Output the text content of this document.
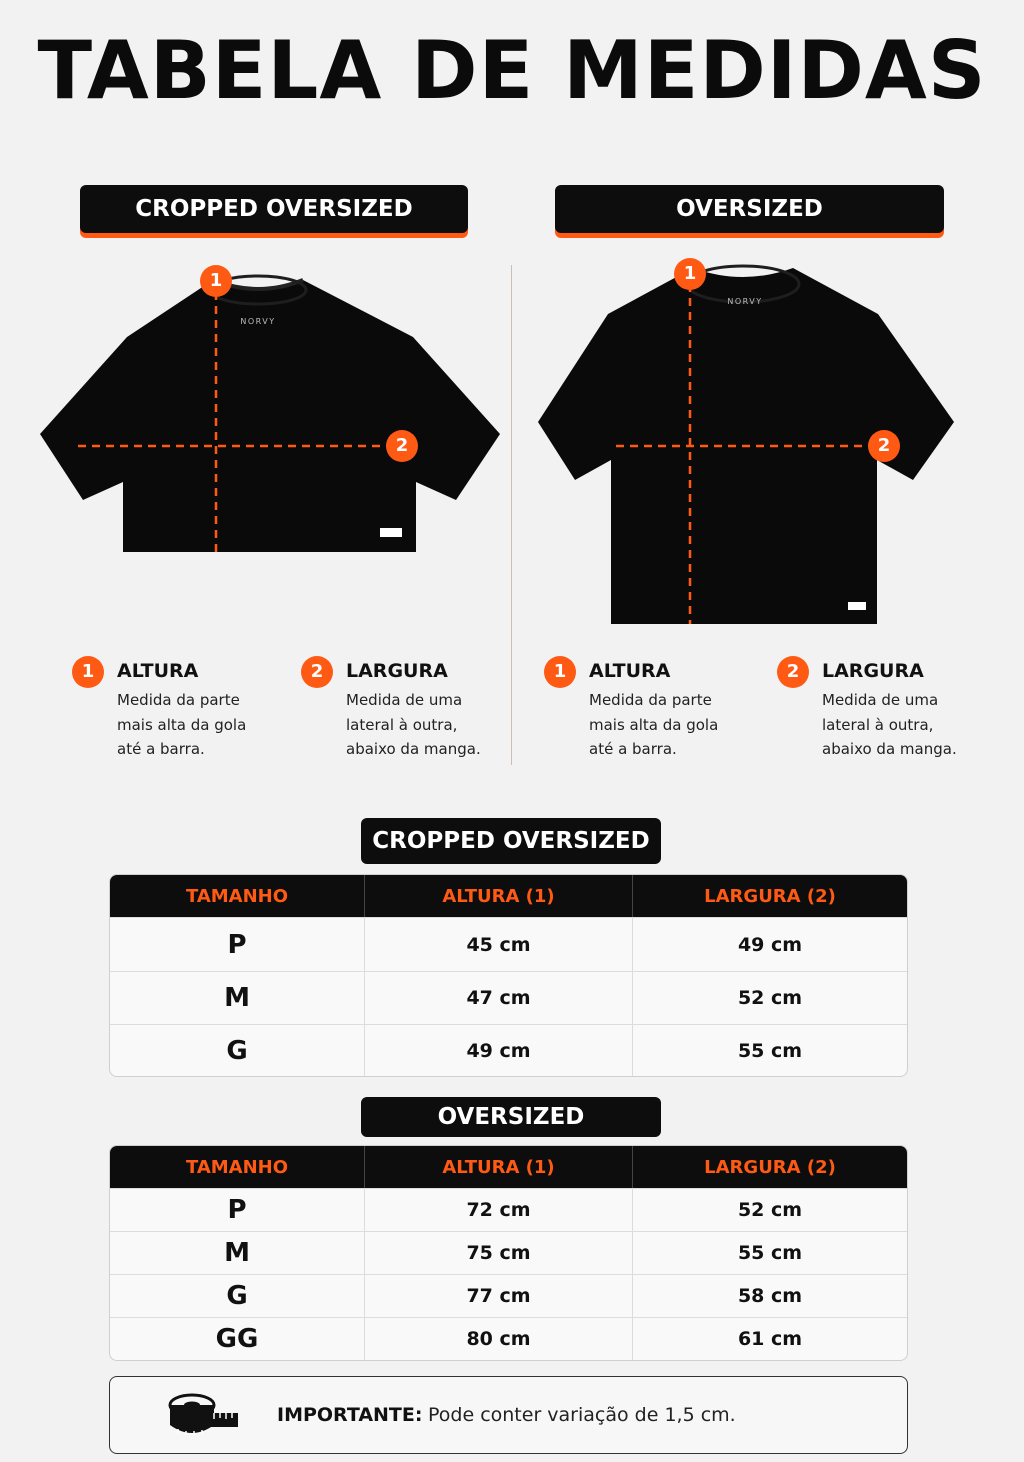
TABELA DE MEDIDAS
CROPPED OVERSIZED	OVERSIZED
NORVY
1
2
NORVY
1
2
1	ALTURA
Medida da parte mais alta da gola até a barra.
2	LARGURA
Medida de uma lateral à outra, abaixo da manga.
1	ALTURA
Medida da parte mais alta da gola até a barra.
2	LARGURA
Medida de uma lateral à outra, abaixo da manga.
CROPPED OVERSIZED
TAMANHO	ALTURA (1)	LARGURA (2)
P	45 cm	49 cm
M	47 cm	52 cm
G	49 cm	55 cm
OVERSIZED
TAMANHO	ALTURA (1)	LARGURA (2)
P	72 cm	52 cm
M	75 cm	55 cm
G	77 cm	58 cm
GG	80 cm	61 cm
IMPORTANTE: Pode conter variação de 1,5 cm.
